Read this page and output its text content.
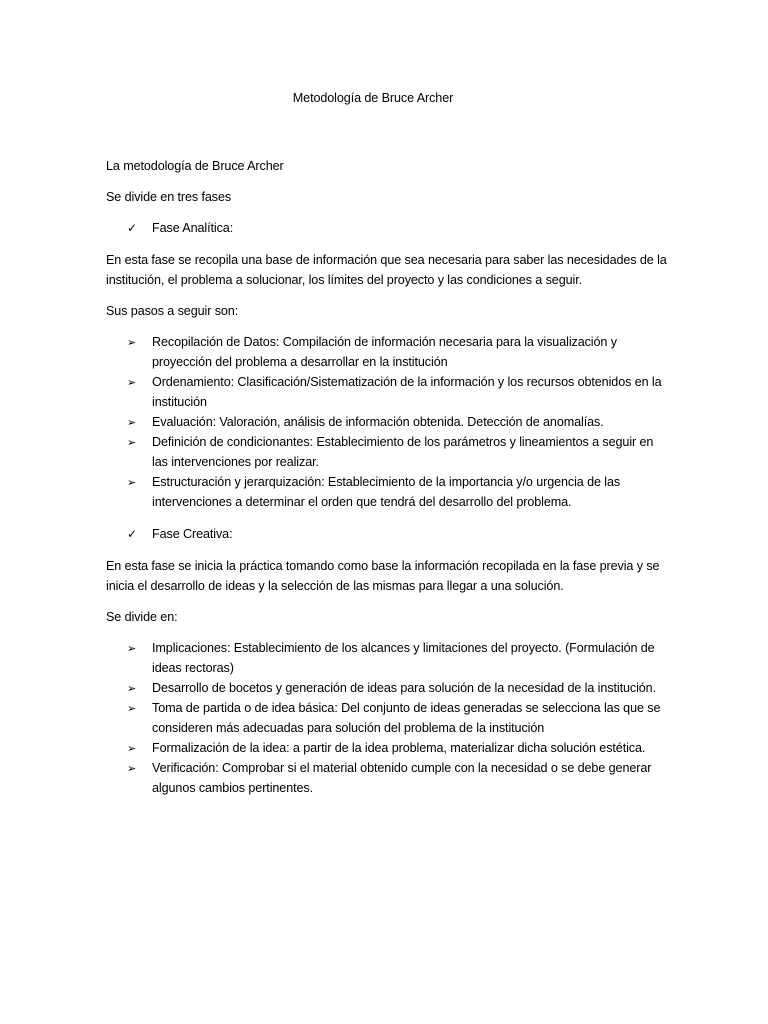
Metodología de Bruce Archer

La metodología de Bruce Archer

Se divide en tres fases

✓	Fase Analítica:

En esta fase se recopila una base de información que sea necesaria para saber las necesidades de la institución, el problema a solucionar, los límites del proyecto y las condiciones a seguir.

Sus pasos a seguir son:

➢	Recopilación de Datos: Compilación de información necesaria para la visualización y proyección del problema a desarrollar en la institución
➢	Ordenamiento: Clasificación/Sistematización de la información y los recursos obtenidos en la institución
➢	Evaluación: Valoración, análisis de información obtenida. Detección de anomalías.
➢	Definición de condicionantes: Establecimiento de los parámetros y lineamientos a seguir en las intervenciones por realizar.
➢	Estructuración y jerarquización: Establecimiento de la importancia y/o urgencia de las intervenciones a determinar el orden que tendrá del desarrollo del problema.
✓	Fase Creativa:

En esta fase se inicia la práctica tomando como base la información recopilada en la fase previa y se inicia el desarrollo de ideas y la selección de las mismas para llegar a una solución.

Se divide en:

➢	Implicaciones: Establecimiento de los alcances y limitaciones del proyecto. (Formulación de ideas rectoras)
➢	Desarrollo de bocetos y generación de ideas para solución de la necesidad de la institución.
➢	Toma de partida o de idea básica: Del conjunto de ideas generadas se selecciona las que se consideren más adecuadas para solución del problema de la institución
➢	Formalización de la idea: a partir de la idea problema, materializar dicha solución estética.
➢	Verificación: Comprobar si el material obtenido cumple con la necesidad o se debe generar algunos cambios pertinentes.
